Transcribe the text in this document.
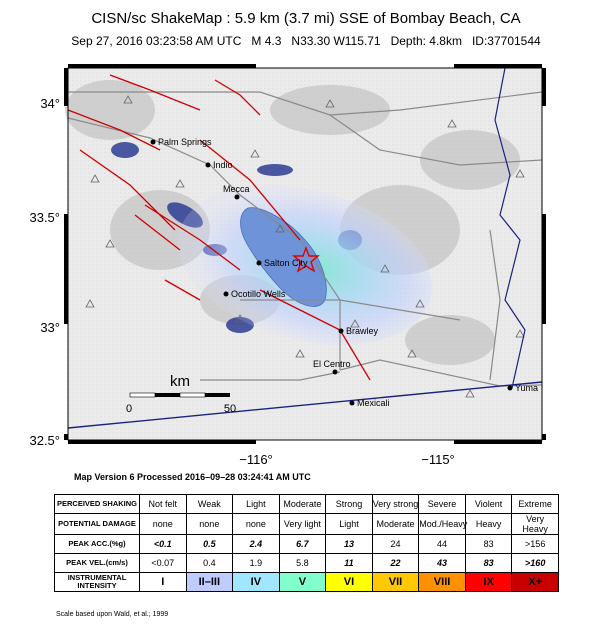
CISN/sc ShakeMap : 5.9 km (3.7 mi) SSE of Bombay Beach, CA
Sep 27, 2016 03:23:58 AM UTC   M 4.3   N33.30 W115.71   Depth: 4.8km   ID:37701544
km
0	50
Palm Springs
Indio
Mecca
Salton City
Ocotillo Wells
Brawley
El Centro
Mexicali
Yuma
34°
33.5°
33°
32.5°
−116°	−115°
Map Version 6 Processed 2016–09–28 03:24:41 AM UTC
PERCEIVED SHAKING	Not felt	Weak	Light	Moderate	Strong	Very strong	Severe	Violent	Extreme
POTENTIAL DAMAGE	none	none	none	Very light	Light	Moderate	Mod./Heavy	Heavy	Very Heavy
PEAK ACC.(%g)	<0.1	0.5	2.4	6.7	13	24	44	83	>156
PEAK VEL.(cm/s)	<0.07	0.4	1.9	5.8	11	22	43	83	>160
INSTRUMENTAL INTENSITY	I	II–III	IV	V	VI	VII	VIII	IX	X+
Scale based upon Wald, et al.; 1999
